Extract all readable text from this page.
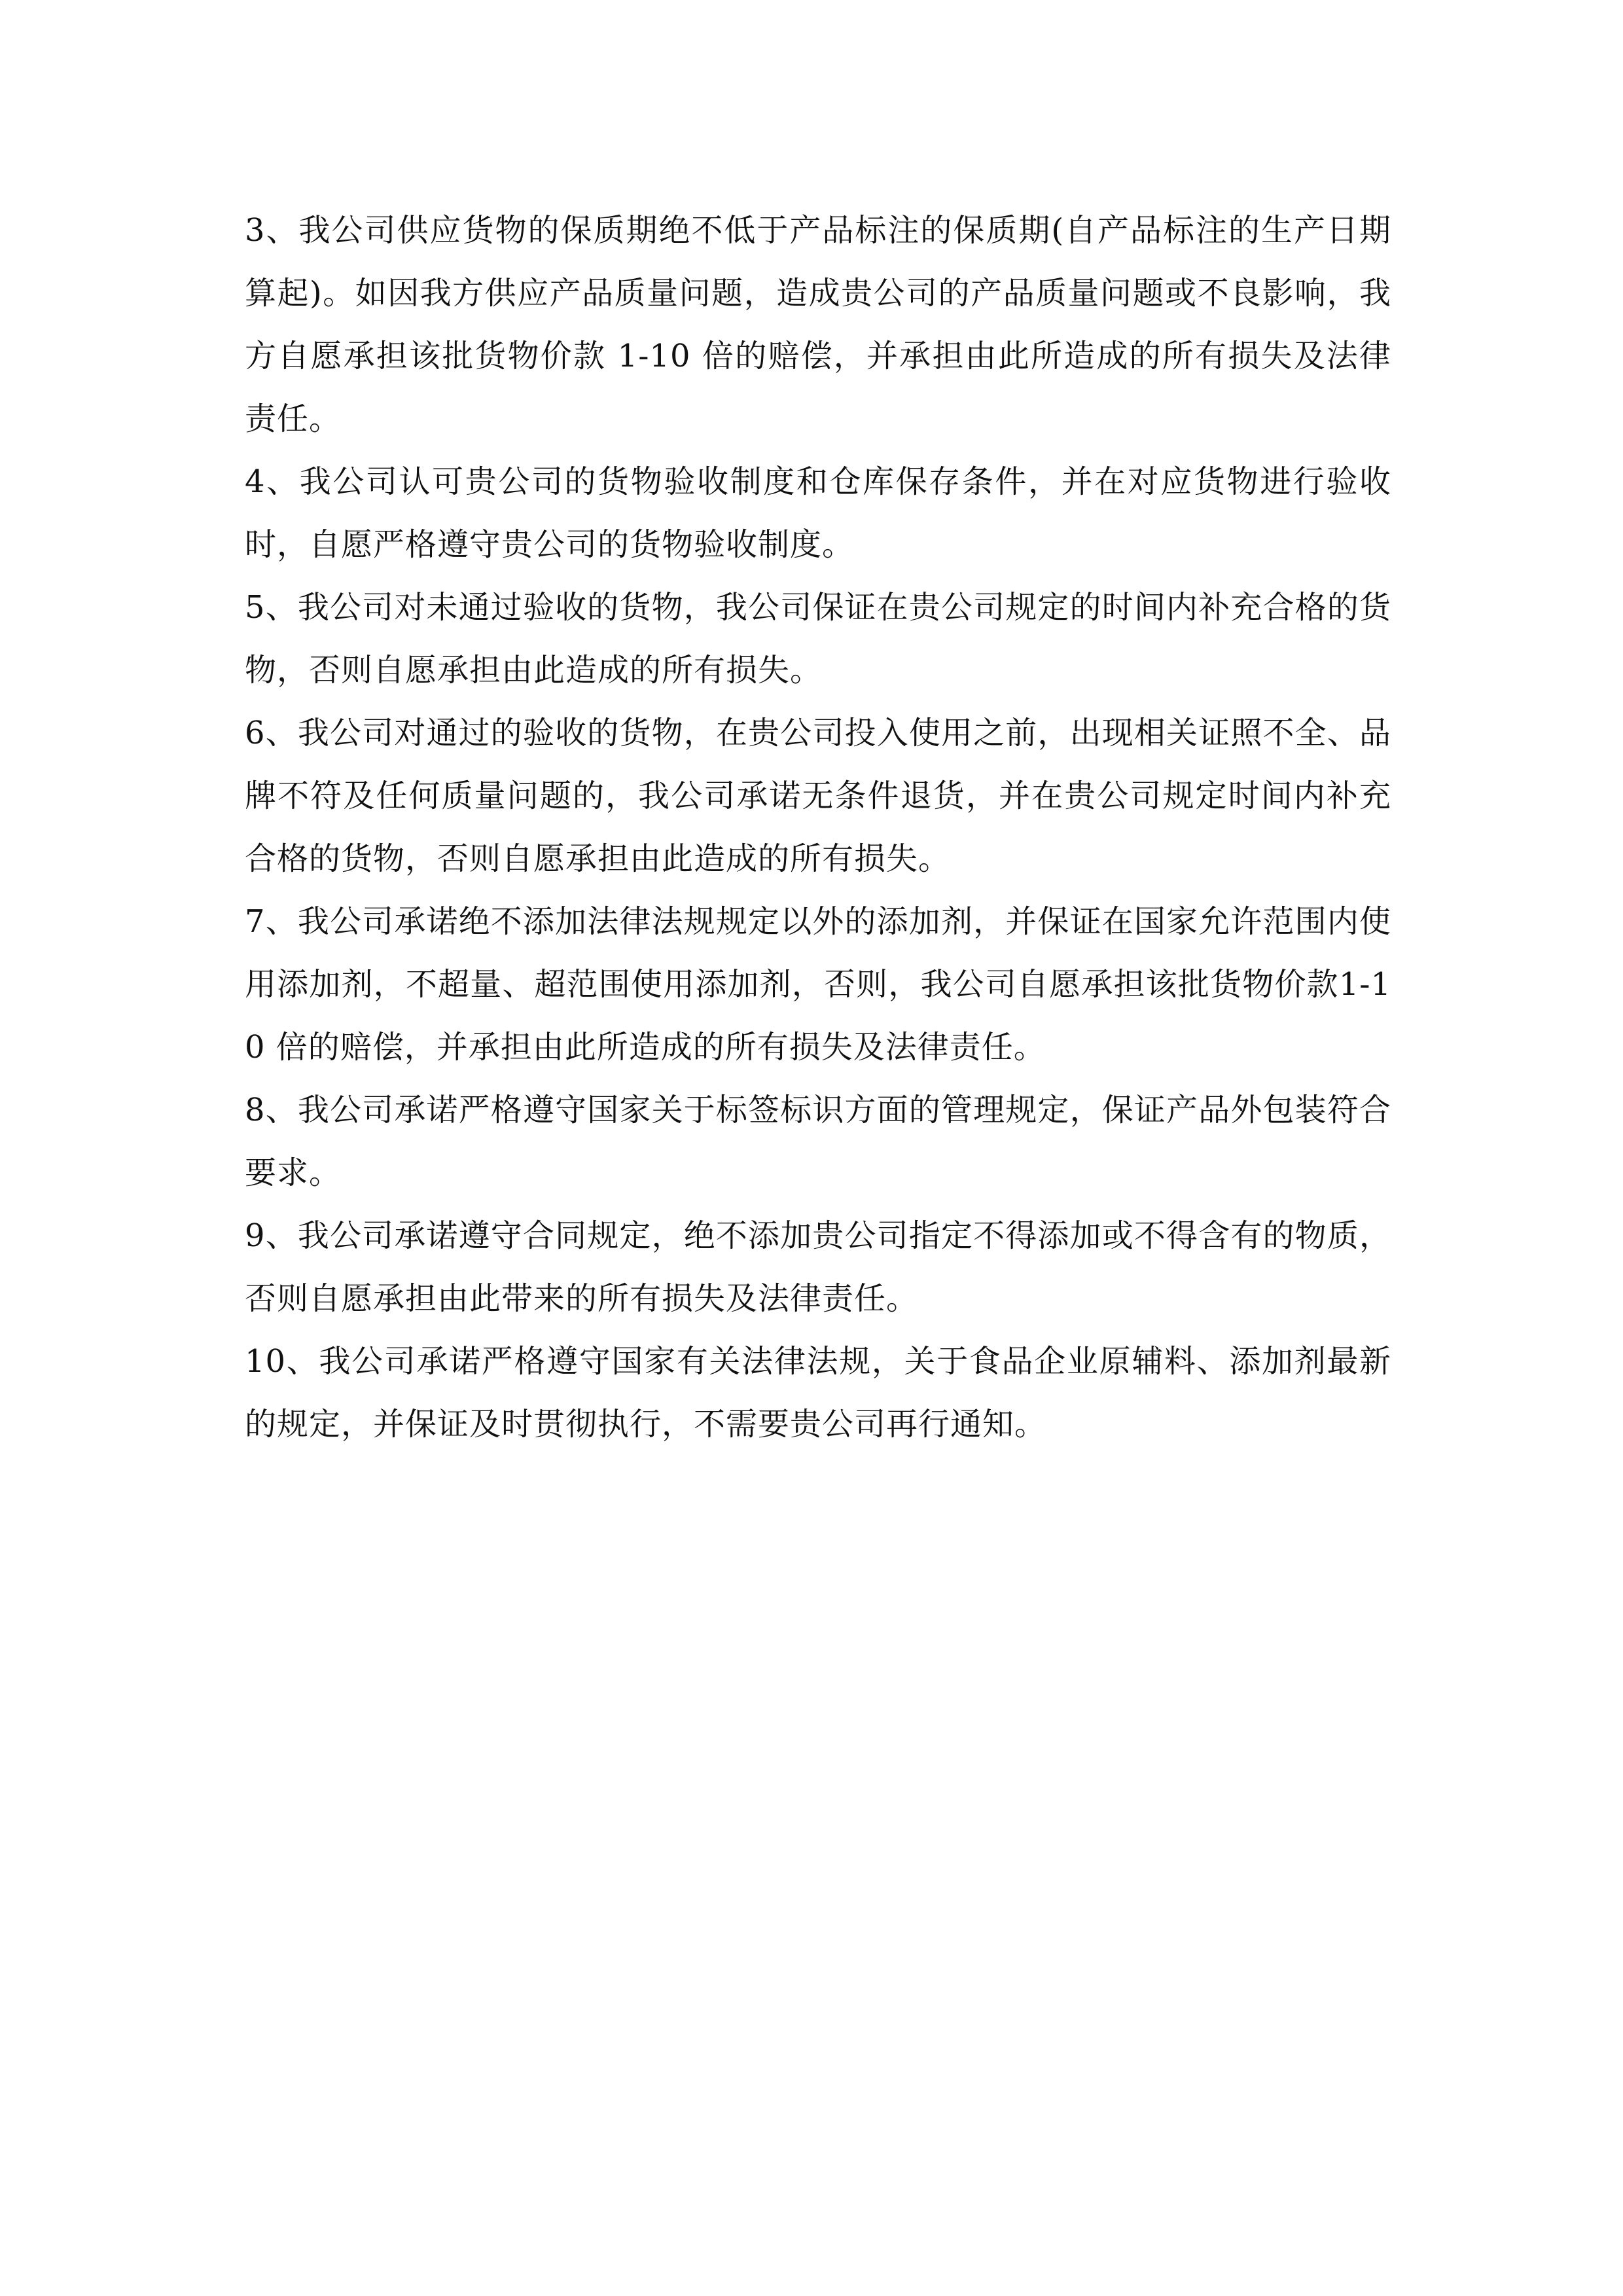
3、我公司供应货物的保质期绝不低于产品标注的保质期(自产品标注的生产日期算起)。如因我方供应产品质量问题，造成贵公司的产品质量问题或不良影响，我方自愿承担该批货物价款 1-10 倍的赔偿，并承担由此所造成的所有损失及法律责任。

4、我公司认可贵公司的货物验收制度和仓库保存条件，并在对应货物进行验收时，自愿严格遵守贵公司的货物验收制度。

5、我公司对未通过验收的货物，我公司保证在贵公司规定的时间内补充合格的货物，否则自愿承担由此造成的所有损失。

6、我公司对通过的验收的货物，在贵公司投入使用之前，出现相关证照不全、品牌不符及任何质量问题的，我公司承诺无条件退货，并在贵公司规定时间内补充合格的货物，否则自愿承担由此造成的所有损失。

7、我公司承诺绝不添加法律法规规定以外的添加剂，并保证在国家允许范围内使用添加剂，不超量、超范围使用添加剂，否则，我公司自愿承担该批货物价款1-10 倍的赔偿，并承担由此所造成的所有损失及法律责任。

8、我公司承诺严格遵守国家关于标签标识方面的管理规定，保证产品外包装符合要求。

9、我公司承诺遵守合同规定，绝不添加贵公司指定不得添加或不得含有的物质，否则自愿承担由此带来的所有损失及法律责任。

10、我公司承诺严格遵守国家有关法律法规，关于食品企业原辅料、添加剂最新的规定，并保证及时贯彻执行，不需要贵公司再行通知。
